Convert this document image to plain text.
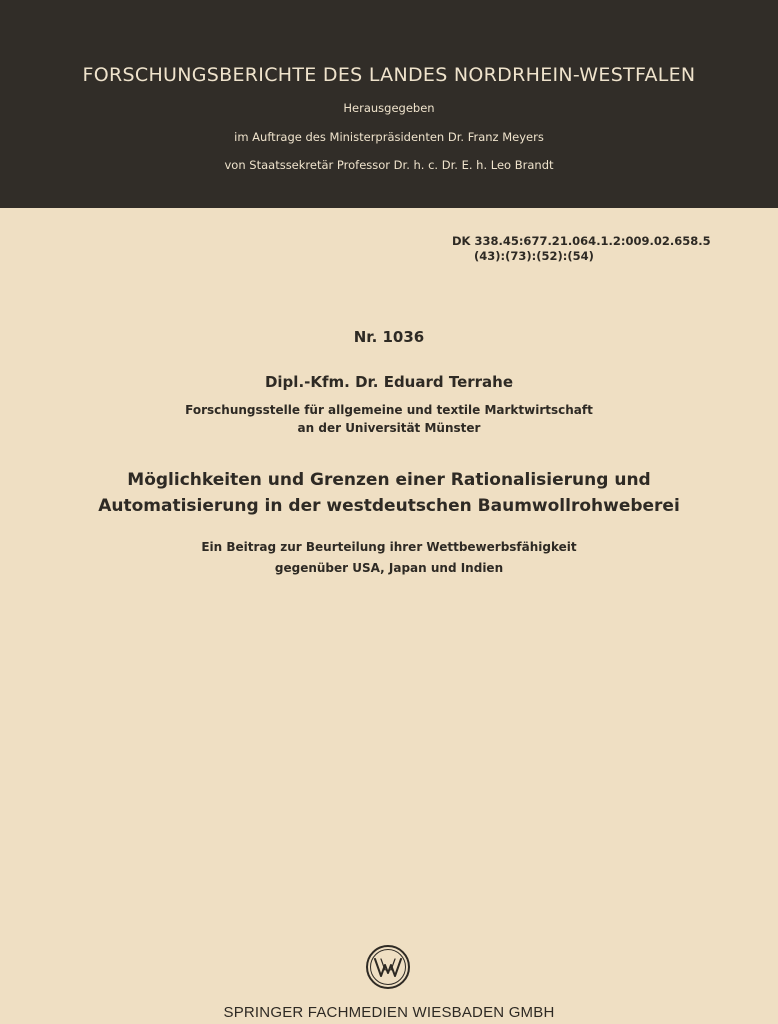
FORSCHUNGSBERICHTE DES LANDES NORDRHEIN-WESTFALEN
Herausgegeben
im Auftrage des Ministerpräsidenten Dr. Franz Meyers
von Staatssekretär Professor Dr. h. c. Dr. E. h. Leo Brandt
DK 338.45:677.21.064.1.2:009.02.658.5
(43):(73):(52):(54)
Nr. 1036
Dipl.-Kfm. Dr. Eduard Terrahe
Forschungsstelle für allgemeine und textile Marktwirtschaft
an der Universität Münster
Möglichkeiten und Grenzen einer Rationalisierung und
Automatisierung in der westdeutschen Baumwollrohweberei
Ein Beitrag zur Beurteilung ihrer Wettbewerbsfähigkeit
gegenüber USA, Japan und Indien
SPRINGER FACHMEDIEN WIESBADEN GMBH
